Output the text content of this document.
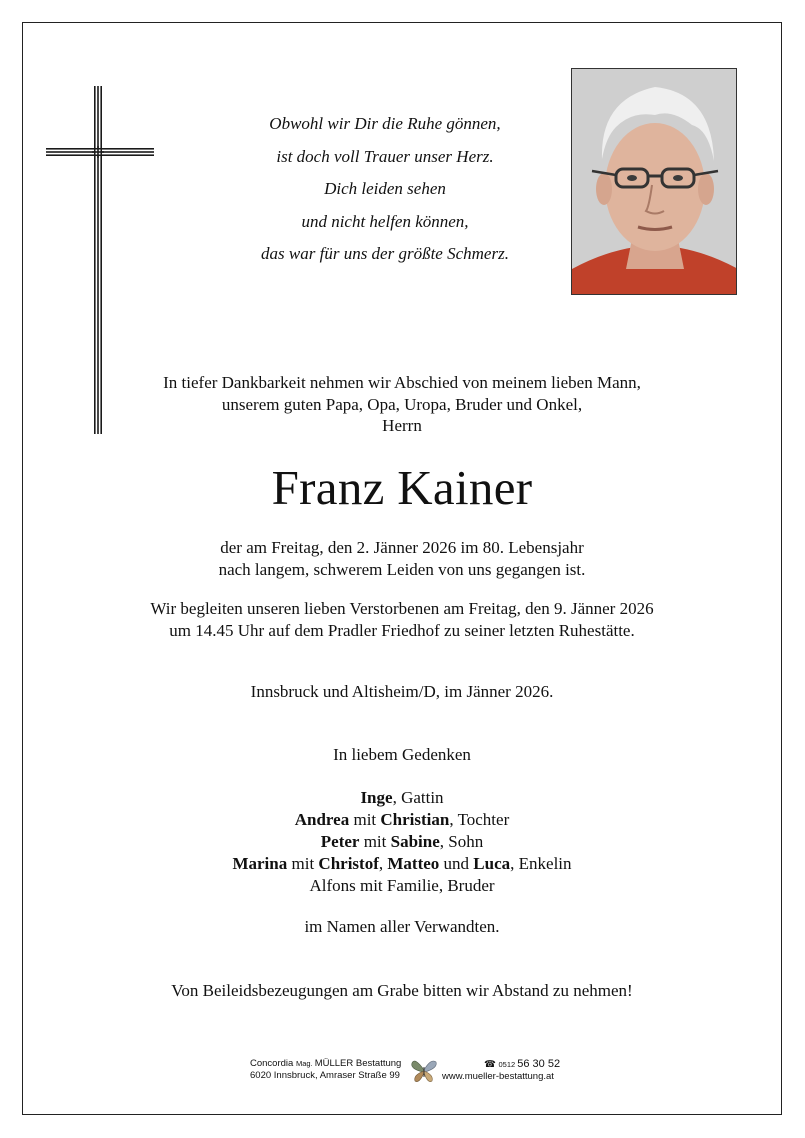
Obwohl wir Dir die Ruhe gönnen,
ist doch voll Trauer unser Herz.
Dich leiden sehen
und nicht helfen können,
das war für uns der größte Schmerz.
In tiefer Dankbarkeit nehmen wir Abschied von meinem lieben Mann,
unserem guten Papa, Opa, Uropa, Bruder und Onkel,
Herrn
Franz Kainer
der am Freitag, den 2. Jänner 2026 im 80. Lebensjahr
nach langem, schwerem Leiden von uns gegangen ist.
Wir begleiten unseren lieben Verstorbenen am Freitag, den 9. Jänner 2026
um 14.45 Uhr auf dem Pradler Friedhof zu seiner letzten Ruhestätte.
Innsbruck und Altisheim/D, im Jänner 2026.
In liebem Gedenken
Inge, Gattin
Andrea mit Christian, Tochter
Peter mit Sabine, Sohn
Marina mit Christof, Matteo und Luca, Enkelin
Alfons mit Familie, Bruder
im Namen aller Verwandten.
Von Beileidsbezeugungen am Grabe bitten wir Abstand zu nehmen!
Concordia Mag. MÜLLER Bestattung
6020 Innsbruck, Amraser Straße 99
☎ 0512 56 30 52
www.mueller-bestattung.at
